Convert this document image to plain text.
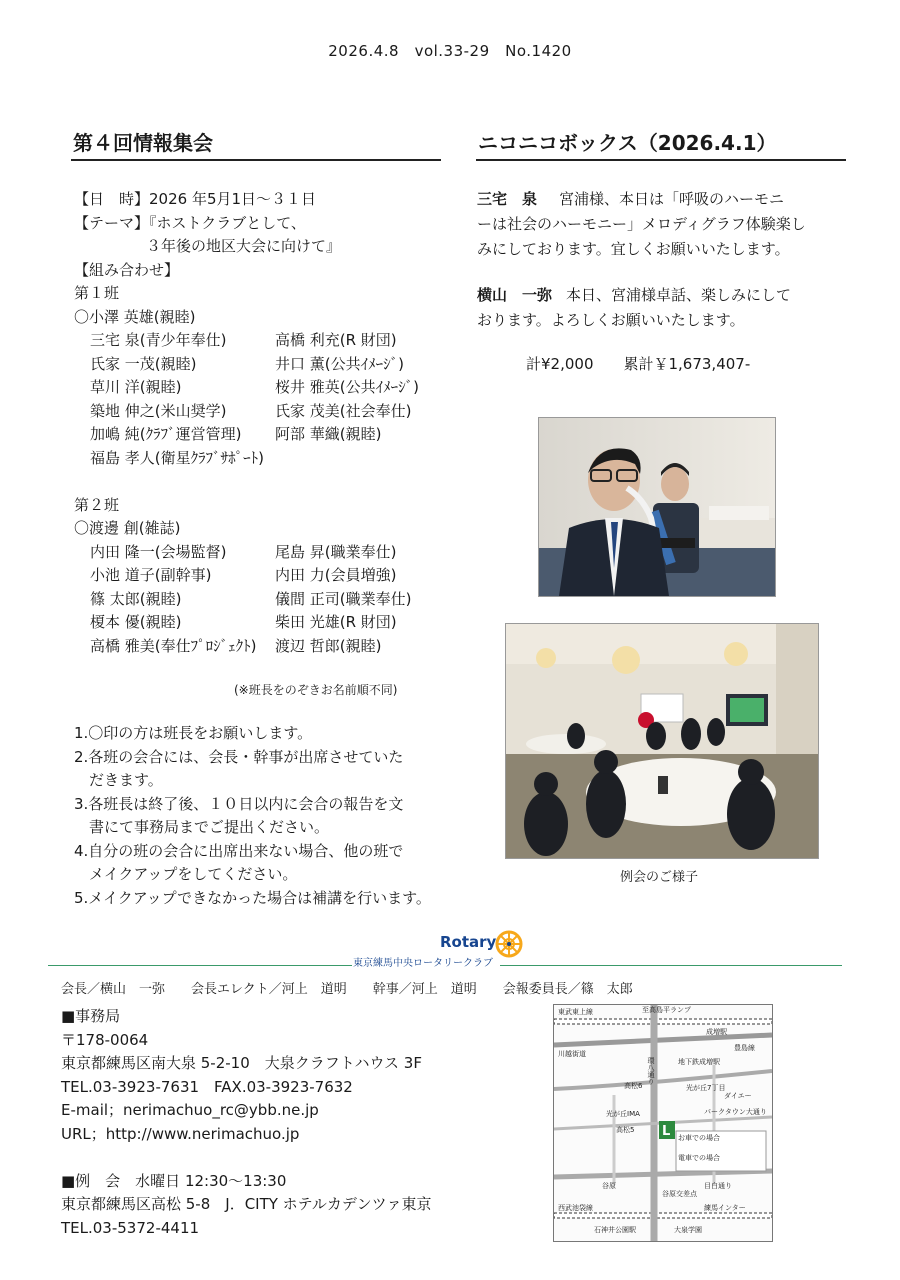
2026.4.8　vol.33-29　No.1420
第４回情報集会
【日　時】2026 年5月1日～３１日
【テーマ】『ホストクラブとして、
３年後の地区大会に向けて』
【組み合わせ】
第１班
〇小澤 英雄(親睦)
三宅 泉(青少年奉仕)	高橋 利充(R 財団)
氏家 一茂(親睦)	井口 薫(公共ｲﾒｰｼﾞ)
草川 洋(親睦)	桜井 雅英(公共ｲﾒｰｼﾞ)
築地 伸之(米山奨学)	氏家 茂美(社会奉仕)
加嶋 純(ｸﾗﾌﾞ運営管理)	阿部 華織(親睦)
福島 孝人(衛星ｸﾗﾌﾞｻﾎﾟｰﾄ)
第２班
〇渡邊 創(雑誌)
内田 隆一(会場監督)	尾島 昇(職業奉仕)
小池 道子(副幹事)	内田 力(会員増強)
篠 太郎(親睦)	儀間 正司(職業奉仕)
榎本 優(親睦)	柴田 光雄(R 財団)
高橋 雅美(奉仕ﾌﾟﾛｼﾞｪｸﾄ)	渡辺 哲郎(親睦)
(※班長をのぞきお名前順不同)
1.〇印の方は班長をお願いします。
2.各班の会合には、会長・幹事が出席させていた
　だきます。
3.各班長は終了後、１０日以内に会合の報告を文
　書にて事務局までご提出ください。
4.自分の班の会合に出席出来ない場合、他の班で
　メイクアップをしてください。
5.メイクアップできなかった場合は補講を行います。
ニコニコボックス（2026.4.1）
三宅　泉 宮浦様、本日は「呼吸のハーモニ
ーは社会のハーモニー」メロディグラフ体験楽し
みにしております。宜しくお願いいたします。
横山　一弥 本日、宮浦様卓話、楽しみにして
おります。よろしくお願いいたします。
計¥2,000　　累計￥1,673,407-
例会のご様子
Rotary
東京練馬中央ロータリークラブ
会長／横山　一弥　　会長エレクト／河上　道明　　幹事／河上　道明　　会報委員長／篠　太郎
■事務局
〒178-0064
東京都練馬区南大泉 5-2-10　大泉クラフトハウス 3F
TEL.03-3923-7631　FAX.03-3923-7632
E-mail；nerimachuo_rc@ybb.ne.jp
URL；http://www.nerimachuo.jp
■例　会　水曜日 12:30～13:30
東京都練馬区高松 5-8　J．CITY ホテルカデンツァ東京
TEL.03-5372-4411
L
至高島平ランプ
東武東上線
成増駅
豊島線
川越街道
環八通り	地下鉄成増駅
光が丘7丁目
ダイエー
高松6
光が丘IMA	パークタウン大通り
高松5
お車での場合
電車での場合
谷原
谷原交差点
目白通り
練馬インター
石神井公園駅	大泉学園
西武池袋線
